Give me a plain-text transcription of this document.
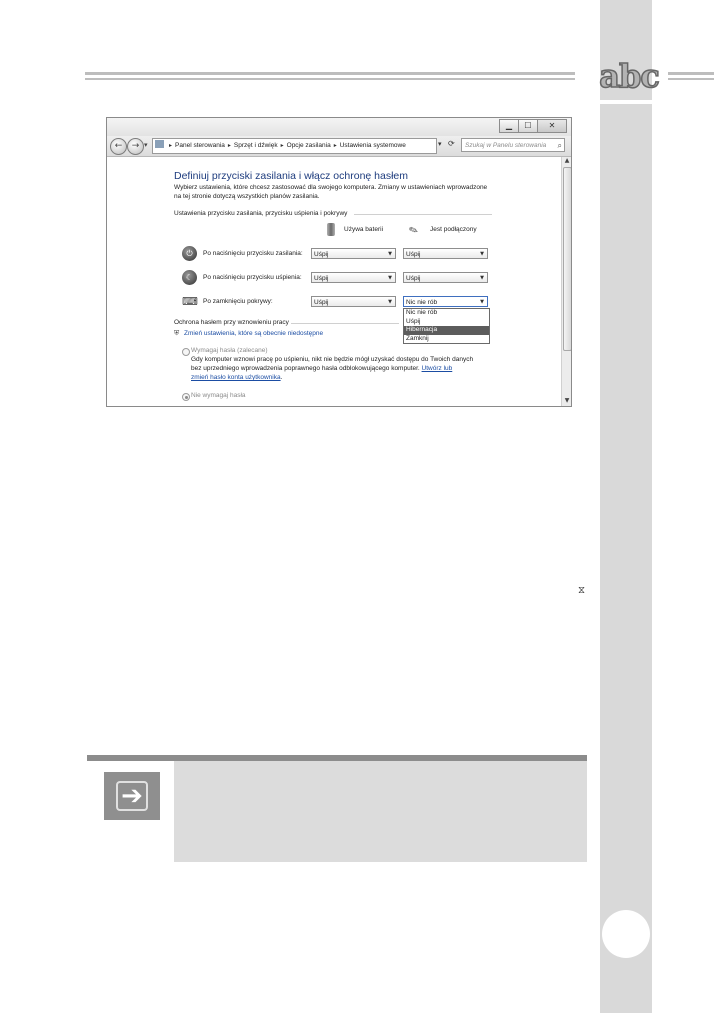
abc
⧖
▁	☐	✕
←	→ ▾	▸ Panel sterowania ▸ Sprzęt i dźwięk ▸ Opcje zasilania ▸ Ustawienia systemowe	▾ ⟳	Szukaj w Panelu sterowania ⌕
Definiuj przyciski zasilania i włącz ochronę hasłem
Wybierz ustawienia, które chcesz zastosować dla swojego komputera. Zmiany w ustawieniach wprowadzone
na tej stronie dotyczą wszystkich planów zasilania.
Ustawienia przycisku zasilania, przycisku uśpienia i pokrywy
Używa baterii ✎ Jest podłączony
⏻	Po naciśnięciu przycisku zasilania:	Uśpij	▼	Uśpij	▼
☾	Po naciśnięciu przycisku uśpienia:	Uśpij	▼	Uśpij	▼
⌨ Po zamknięciu pokrywy:	Uśpij	▼	Nic nie rób	▼
Nic nie rób
Uśpij
Hibernacja
Zamknij
Ochrona hasłem przy wznowieniu pracy
⛨ Zmień ustawienia, które są obecnie niedostępne
Wymagaj hasła (zalecane)
Gdy komputer wznowi pracę po uśpieniu, nikt nie będzie mógł uzyskać dostępu do Twoich danych
bez uprzedniego wprowadzenia poprawnego hasła odblokowującego komputer. Utwórz lub
zmień hasło konta użytkownika.
Nie wymagaj hasła
▲
▼
➔
